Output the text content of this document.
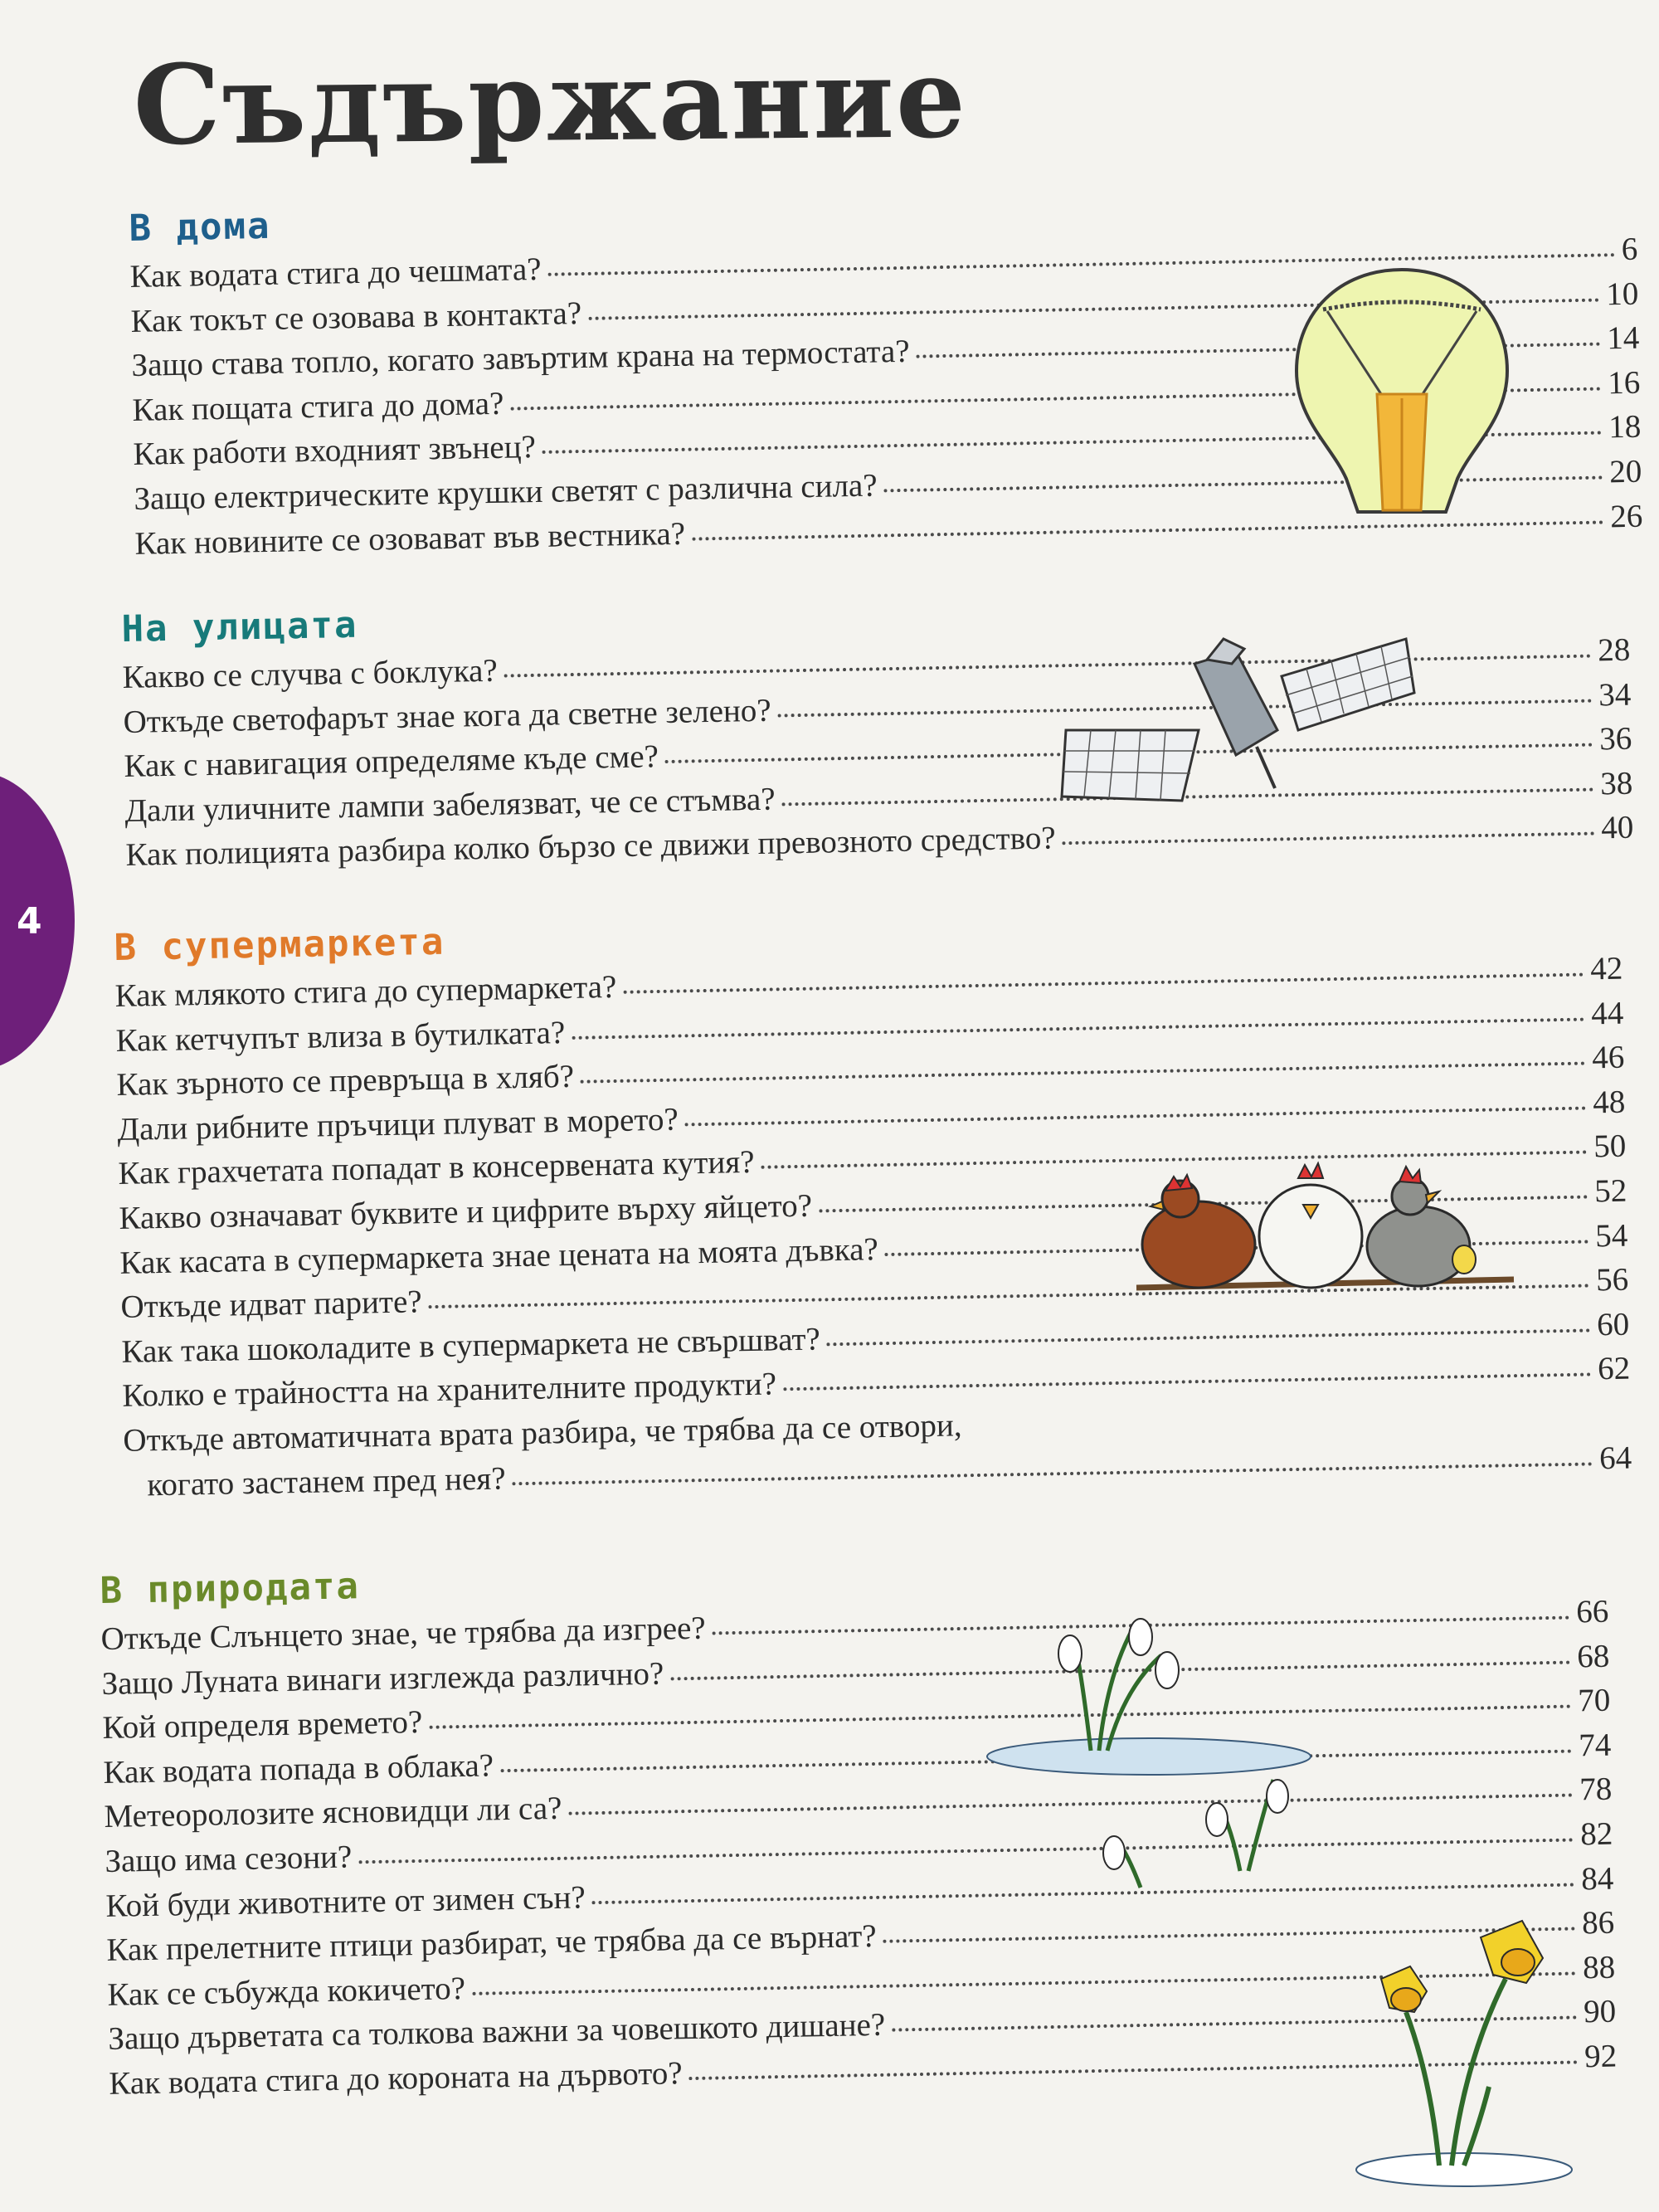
Съдържание
4
В дома
Как водата стига до чешмата?
6
Как токът се озовава в контакта?
10
Защо става топло, когато завъртим крана на термостата?	14
Как пощата стига до дома?
16
Как работи входният звънец?
18
Защо електрическите крушки светят с различна сила?	20
Как новините се озовават във вестника?	26
На улицата
Какво се случва с боклука?
28
Откъде светофарът знае кога да светне зелено?	34
Как с навигация определяме къде сме?	36
Дали уличните лампи забелязват, че се стъмва?	38
Как полицията разбира колко бързо се движи превозното средство?	40
В супермаркета
Как млякото стига до супермаркета?
42
Как кетчупът влиза в бутилката?
44
Как зърното се превръща в хляб?
46
Дали рибните пръчици плуват в морето?	48
Как грахчетата попадат в консервената кутия?	50
Какво означават буквите и цифрите върху яйцето?	52
Как касата в супермаркета знае цената на моята дъвка?	54
Откъде идват парите?
56
Как така шоколадите в супермаркета не свършват?	60
Колко е трайността на хранителните продукти?	62
Откъде автоматичната врата разбира, че трябва да се отвори,
когато застанем пред нея?
64
В природата
Откъде Слънцето знае, че трябва да изгрее?	66
Защо Луната винаги изглежда различно?	68
Кой определя времето?
70
Как водата попада в облака?
74
Метеоролозите ясновидци ли са?
78
Защо има сезони?
82
Кой буди животните от зимен сън?
84
Как прелетните птици разбират, че трябва да се върнат?	86
Как се събужда кокичето?
88
Защо дърветата са толкова важни за човешкото дишане?	90
Как водата стига до короната на дървото?	92
